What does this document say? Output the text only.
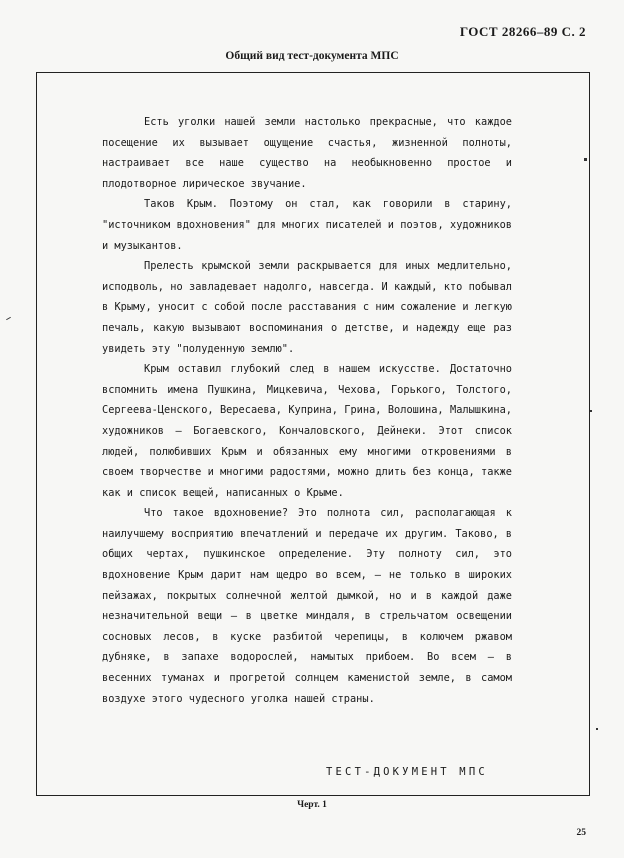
ГОСТ 28266–89 С. 2
Общий вид тест-документа МПС

Есть уголки нашей земли настолько прекрасные, что каждое посещение их вызывает ощущение счастья, жизненной полноты, настраивает все наше существо на необыкновенно простое и плодотворное лирическое звучание.

Таков Крым. Поэтому он стал, как говорили в старину, "источником вдохновения" для многих писателей и поэтов, художников и музыкантов.

Прелесть крымской земли раскрывается для иных медлительно, исподволь, но завладевает надолго, навсегда. И каждый, кто побывал в Крыму, уносит с собой после расставания с ним сожаление и легкую печаль, какую вызывают воспоминания о детстве, и надежду еще раз увидеть эту "полуденную землю".

Крым оставил глубокий след в нашем искусстве. Достаточно вспомнить имена Пушкина, Мицкевича, Чехова, Горького, Толстого, Сергеева-Ценского, Вересаева, Куприна, Грина, Волошина, Малышкина, художников – Богаевского, Кончаловского, Дейнеки. Этот список людей, полюбивших Крым и обязанных ему многими откровениями в своем творчестве и многими радостями, можно длить без конца, также как и список вещей, написанных о Крыме.

Что такое вдохновение? Это полнота сил, располагающая к наилучшему восприятию впечатлений и передаче их другим. Таково, в общих чертах, пушкинское определение. Эту полноту сил, это вдохновение Крым дарит нам щедро во всем, – не только в широких пейзажах, покрытых солнечной желтой дымкой, но и в каждой даже незначительной вещи – в цветке миндаля, в стрельчатом освещении сосновых лесов, в куске разбитой черепицы, в колючем ржавом дубняке, в запахе водорослей, намытых прибоем. Во всем – в весенних туманах и прогретой солнцем каменистой земле, в самом воздухе этого чудесного уголка нашей страны.

ТЕСТ-ДОКУМЕНТ МПС
Черт. 1
25
